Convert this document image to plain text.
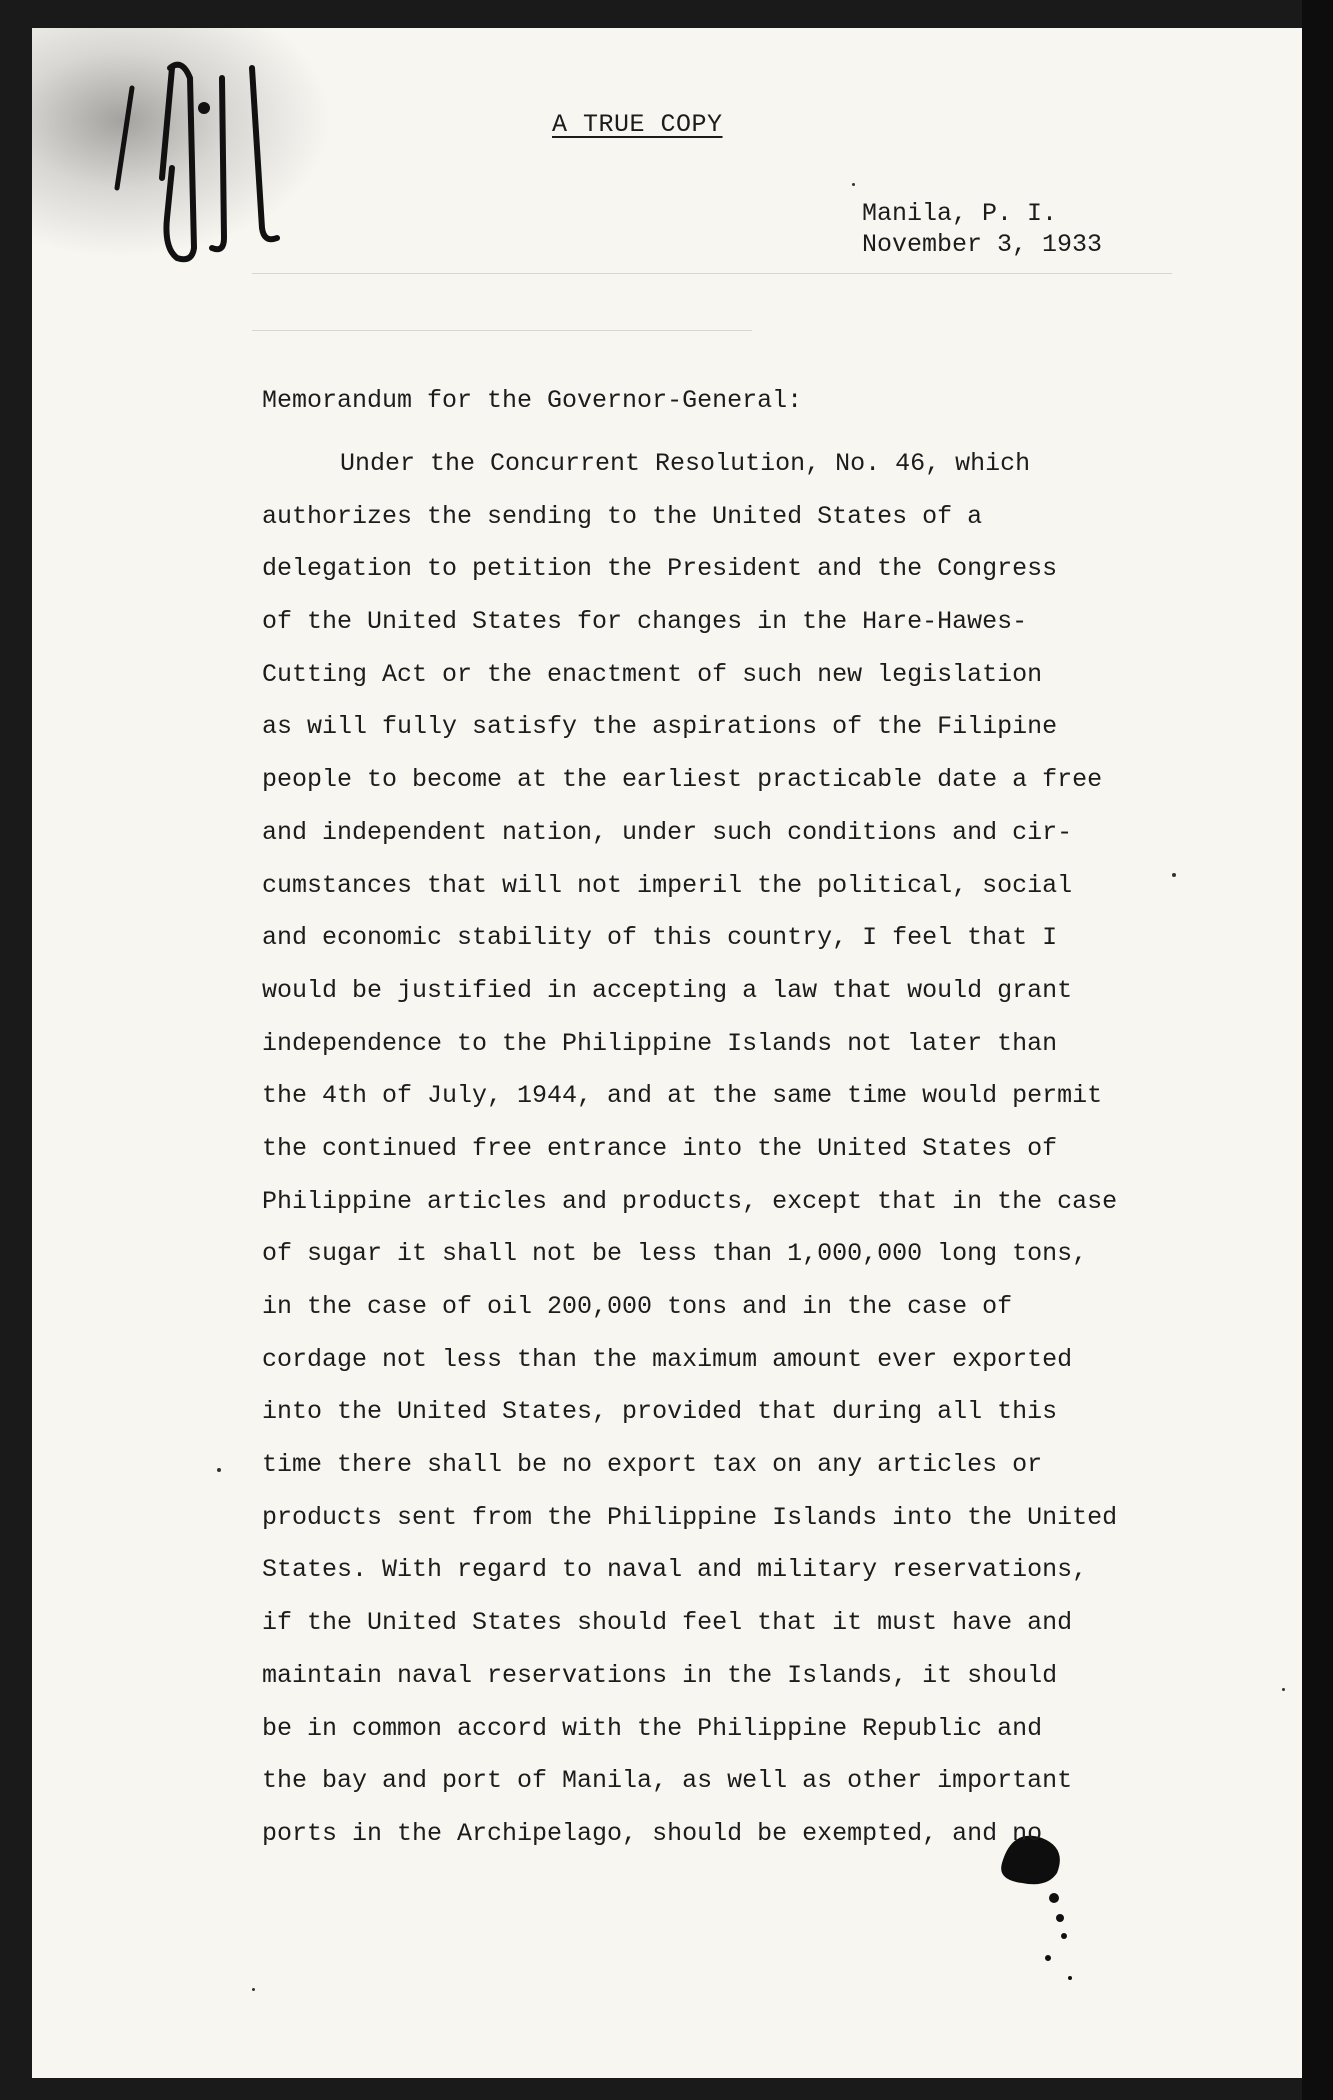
A TRUE COPY
Manila, P. I.
November 3, 1933
Memorandum for the Governor-General:
Under the Concurrent Resolution, No. 46, which
authorizes the sending to the United States of a
delegation to petition the President and the Congress
of the United States for changes in the Hare-Hawes-
Cutting Act or the enactment of such new legislation
as will fully satisfy the aspirations of the Filipine
people to become at the earliest practicable date a free
and independent nation, under such conditions and cir-
cumstances that will not imperil the political, social
and economic stability of this country, I feel that I
would be justified in accepting a law that would grant
independence to the Philippine Islands not later than
the 4th of July, 1944, and at the same time would permit
the continued free entrance into the United States of
Philippine articles and products, except that in the case
of sugar it shall not be less than 1,000,000 long tons,
in the case of oil 200,000 tons and in the case of
cordage not less than the maximum amount ever exported
into the United States, provided that during all this
time there shall be no export tax on any articles or
products sent from the Philippine Islands into the United
States. With regard to naval and military reservations,
if the United States should feel that it must have and
maintain naval reservations in the Islands, it should
be in common accord with the Philippine Republic and
the bay and port of Manila, as well as other important
ports in the Archipelago, should be exempted, and no
